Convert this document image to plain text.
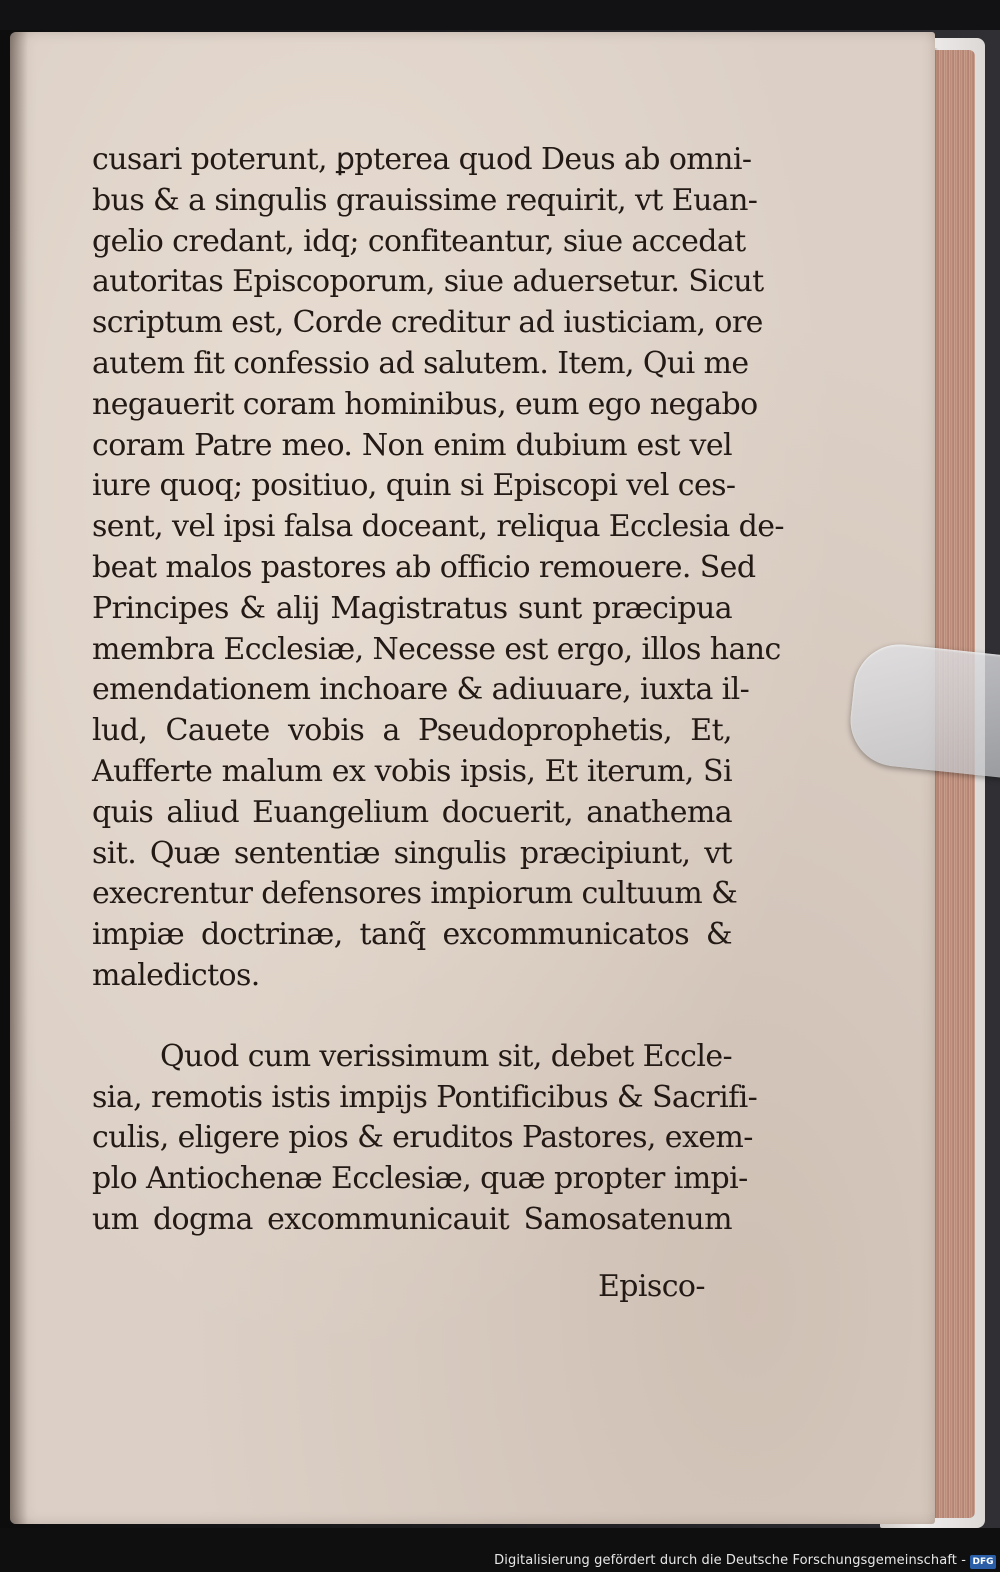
cusari poterunt, ꝑpterea quod Deus ab omni-
bus & a singulis grauissime requirit, vt Euan-
gelio credant, idq; confiteantur, siue accedat
autoritas Episcoporum, siue aduersetur. Sicut
scriptum est, Corde creditur ad iusticiam, ore
autem fit confessio ad salutem. Item, Qui me
negauerit coram hominibus, eum ego negabo
coram Patre meo. Non enim dubium est vel
iure quoq; positiuo, quin si Episcopi vel ces-
sent, vel ipsi falsa doceant, reliqua Ecclesia de-
beat malos pastores ab officio remouere. Sed
Principes & alij Magistratus sunt præcipua
membra Ecclesiæ, Necesse est ergo, illos hanc
emendationem inchoare & adiuuare, iuxta il-
lud, Cauete vobis a Pseudoprophetis, Et,
Aufferte malum ex vobis ipsis, Et iterum, Si
quis aliud Euangelium docuerit, anathema
sit. Quæ sententiæ singulis præcipiunt, vt
execrentur defensores impiorum cultuum &
impiæ doctrinæ, tanq̃ excommunicatos &
maledictos.
Quod cum verissimum sit, debet Eccle-
sia, remotis istis impijs Pontificibus & Sacrifi-
culis, eligere pios & eruditos Pastores, exem-
plo Antiochenæ Ecclesiæ, quæ propter impi-
um dogma excommunicauit Samosatenum
Episco-
Digitalisierung gefördert durch die Deutsche Forschungsgemeinschaft - DFG
